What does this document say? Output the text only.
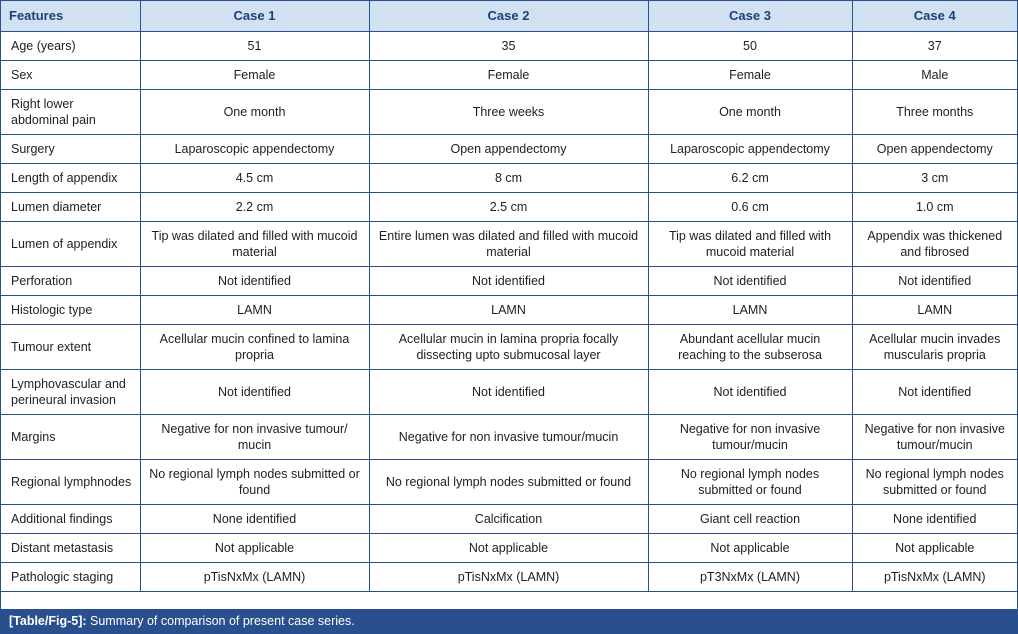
Features	Case 1	Case 2	Case 3	Case 4
Age (years)	51	35	50	37
Sex	Female	Female	Female	Male
Right lower abdominal pain	One month	Three weeks	One month	Three months
Surgery	Laparoscopic appendectomy	Open appendectomy	Laparoscopic appendectomy	Open appendectomy
Length of appendix	4.5 cm	8 cm	6.2 cm	3 cm
Lumen diameter	2.2 cm	2.5 cm	0.6 cm	1.0 cm
Lumen of appendix	Tip was dilated and filled with mucoid material	Entire lumen was dilated and filled with mucoid material	Tip was dilated and filled with mucoid material	Appendix was thickened and fibrosed
Perforation	Not identified	Not identified	Not identified	Not identified
Histologic type	LAMN	LAMN	LAMN	LAMN
Tumour extent	Acellular mucin confined to lamina propria	Acellular mucin in lamina propria focally dissecting upto submucosal layer	Abundant acellular mucin reaching to the subserosa	Acellular mucin invades muscularis propria
Lymphovascular and perineural invasion	Not identified	Not identified	Not identified	Not identified
Margins	Negative for non invasive tumour/ mucin	Negative for non invasive tumour/mucin	Negative for non invasive tumour/mucin	Negative for non invasive tumour/mucin
Regional lymphnodes	No regional lymph nodes submitted or found	No regional lymph nodes submitted or found	No regional lymph nodes submitted or found	No regional lymph nodes submitted or found
Additional findings	None identified	Calcification	Giant cell reaction	None identified
Distant metastasis	Not applicable	Not applicable	Not applicable	Not applicable
Pathologic staging	pTisNxMx (LAMN)	pTisNxMx (LAMN)	pT3NxMx (LAMN)	pTisNxMx (LAMN)
[Table/Fig-5]: Summary of comparison of present case series.
